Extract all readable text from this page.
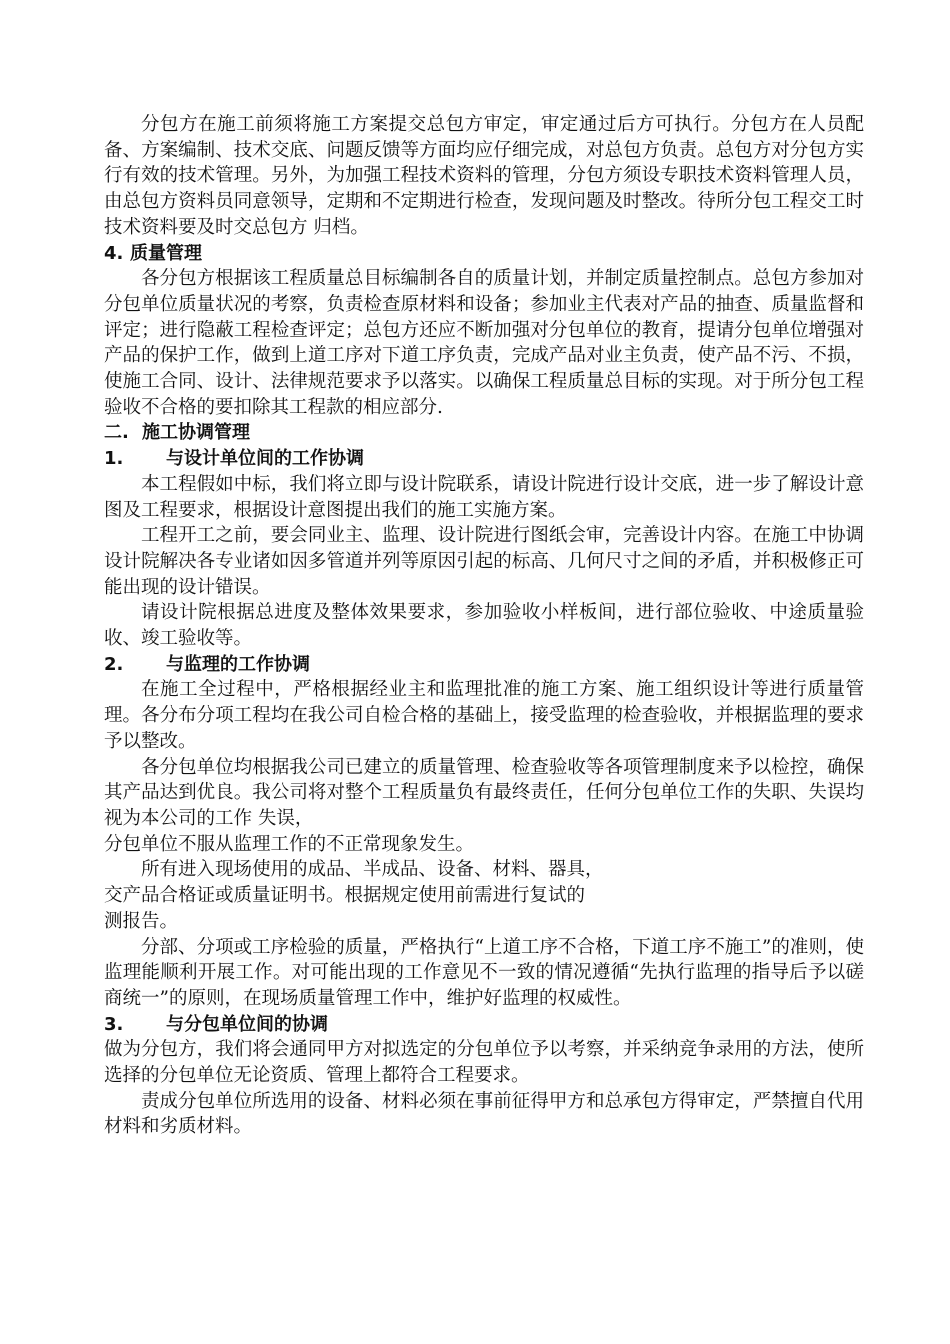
分包方在施工前须将施工方案提交总包方审定，审定通过后方可执行。分包方在人员配备、方案编制、技术交底、问题反馈等方面均应仔细完成，对总包方负责。总包方对分包方实行有效的技术管理。另外，为加强工程技术资料的管理，分包方须设专职技术资料管理人员，由总包方资料员同意领导，定期和不定期进行检查，发现问题及时整改。待所分包工程交工时技术资料要及时交总包方 归档。

4. 质量管理

各分包方根据该工程质量总目标编制各自的质量计划，并制定质量控制点。总包方参加对分包单位质量状况的考察，负责检查原材料和设备；参加业主代表对产品的抽查、质量监督和评定；进行隐蔽工程检查评定；总包方还应不断加强对分包单位的教育，提请分包单位增强对产品的保护工作，做到上道工序对下道工序负责，完成产品对业主负责，使产品不污、不损，使施工合同、设计、法律规范要求予以落实。以确保工程质量总目标的实现。对于所分包工程验收不合格的要扣除其工程款的相应部分.

二. 施工协调管理

1. 与设计单位间的工作协调

本工程假如中标，我们将立即与设计院联系，请设计院进行设计交底，进一步了解设计意图及工程要求，根据设计意图提出我们的施工实施方案。

工程开工之前，要会同业主、监理、设计院进行图纸会审，完善设计内容。在施工中协调设计院解决各专业诸如因多管道并列等原因引起的标高、几何尺寸之间的矛盾，并积极修正可能出现的设计错误。

请设计院根据总进度及整体效果要求，参加验收小样板间，进行部位验收、中途质量验收、竣工验收等。

2. 与监理的工作协调

在施工全过程中，严格根据经业主和监理批准的施工方案、施工组织设计等进行质量管理。各分布分项工程均在我公司自检合格的基础上，接受监理的检查验收，并根据监理的要求予以整改。

各分包单位均根据我公司已建立的质量管理、检查验收等各项管理制度来予以检控，确保其产品达到优良。我公司将对整个工程质量负有最终责任，任何分包单位工作的失职、失误均视为本公司的工作 失误，

分包单位不服从监理工作的不正常现象发生。

所有进入现场使用的成品、半成品、设备、材料、器具，

交产品合格证或质量证明书。根据规定使用前需进行复试的

测报告。

分部、分项或工序检验的质量，严格执行“上道工序不合格，下道工序不施工”的准则，使监理能顺利开展工作。对可能出现的工作意见不一致的情况遵循“先执行监理的指导后予以磋商统一”的原则，在现场质量管理工作中，维护好监理的权威性。

3. 与分包单位间的协调

做为分包方，我们将会通同甲方对拟选定的分包单位予以考察，并采纳竞争录用的方法，使所选择的分包单位无论资质、管理上都符合工程要求。

责成分包单位所选用的设备、材料必须在事前征得甲方和总承包方得审定，严禁擅自代用材料和劣质材料。
